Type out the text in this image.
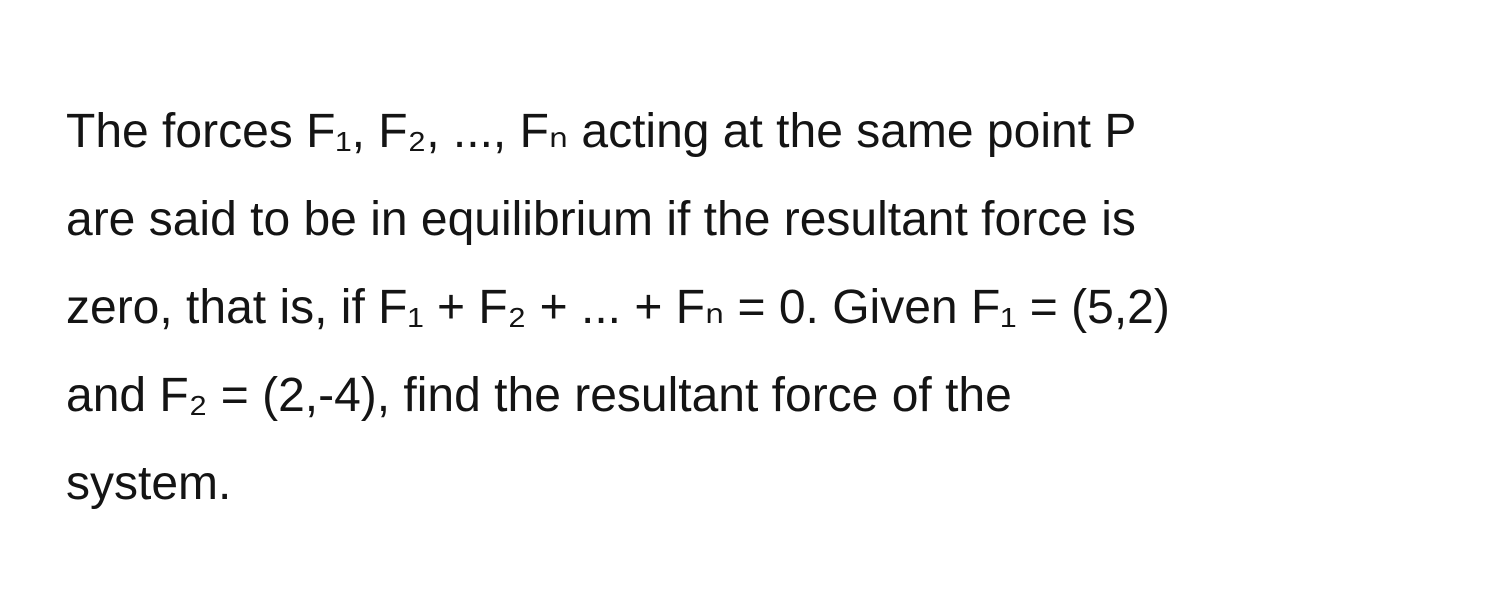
The forces F₁, F₂, ..., Fₙ acting at the same point P
are said to be in equilibrium if the resultant force is
zero, that is, if F₁ + F₂ + ... + Fₙ = 0. Given F₁ = (5,2)
and F₂ = (2,-4), find the resultant force of the
system.
